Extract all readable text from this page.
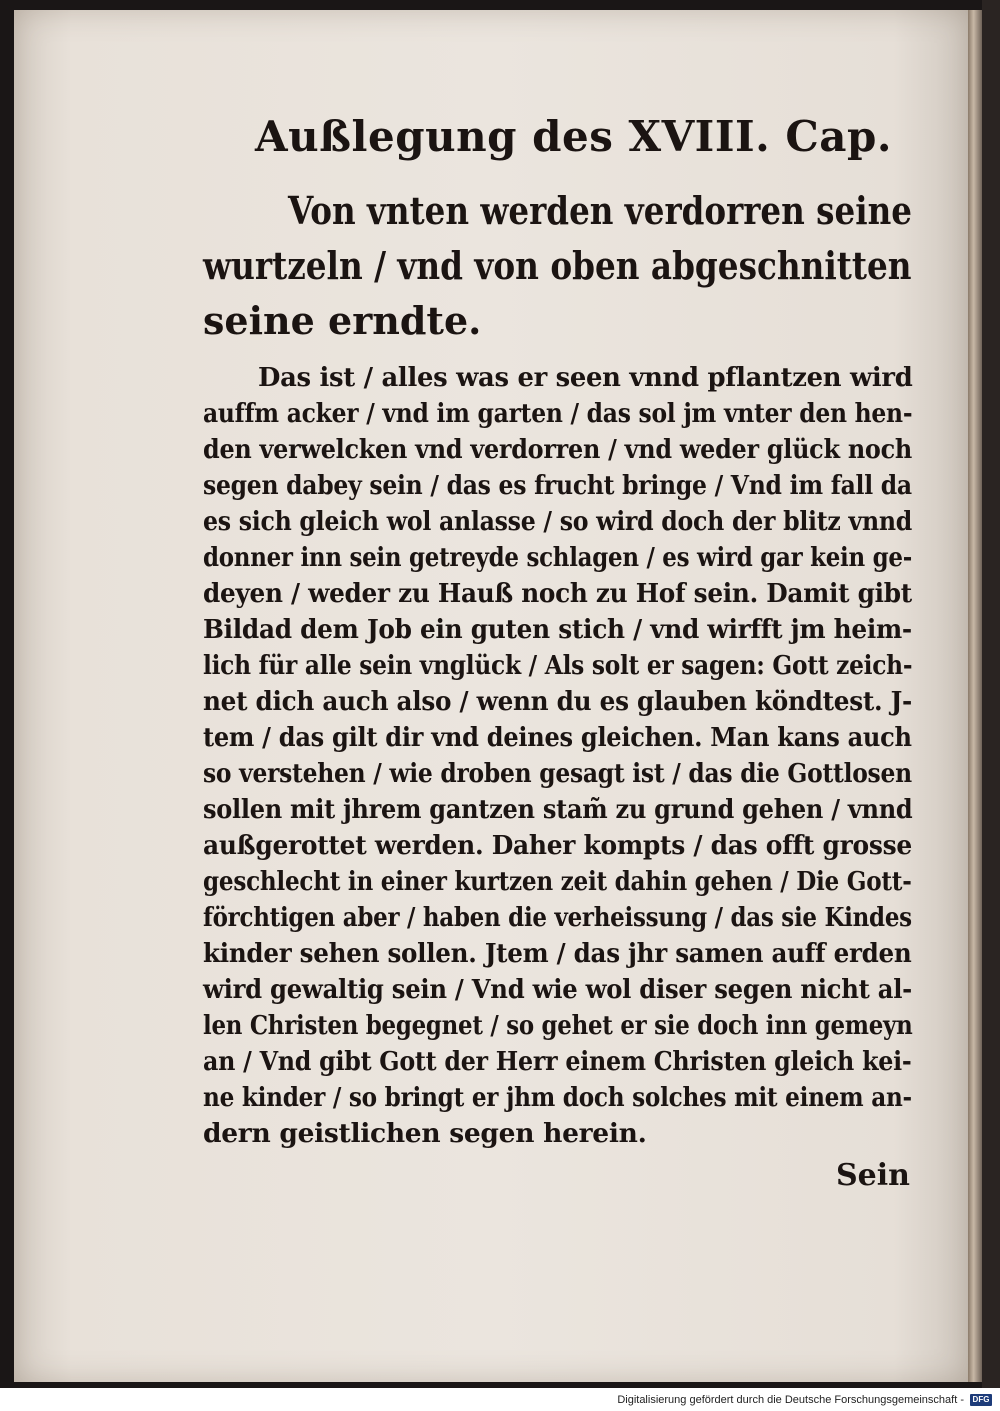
Außlegung des XVIII. Cap.
Von vnten werden verdorren seine
wurtzeln / vnd von oben abgeschnitten
seine erndte.
Das ist / alles was er seen vnnd pflantzen wird
auffm acker / vnd im garten / das sol jm vnter den hen-
den verwelcken vnd verdorren / vnd weder glück noch
segen dabey sein / das es frucht bringe / Vnd im fall da
es sich gleich wol anlasse / so wird doch der blitz vnnd
donner inn sein getreyde schlagen / es wird gar kein ge-
deyen / weder zu Hauß noch zu Hof sein. Damit gibt
Bildad dem Job ein guten stich / vnd wirfft jm heim-
lich für alle sein vnglück / Als solt er sagen: Gott zeich-
net dich auch also / wenn du es glauben köndtest. J-
tem / das gilt dir vnd deines gleichen. Man kans auch
so verstehen / wie droben gesagt ist / das die Gottlosen
sollen mit jhrem gantzen stam̃ zu grund gehen / vnnd
außgerottet werden. Daher kompts / das offt grosse
geschlecht in einer kurtzen zeit dahin gehen / Die Gott-
förchtigen aber / haben die verheissung / das sie Kindes
kinder sehen sollen. Jtem / das jhr samen auff erden
wird gewaltig sein / Vnd wie wol diser segen nicht al-
len Christen begegnet / so gehet er sie doch inn gemeyn
an / Vnd gibt Gott der Herr einem Christen gleich kei-
ne kinder / so bringt er jhm doch solches mit einem an-
dern geistlichen segen herein.
Sein
Digitalisierung gefördert durch die Deutsche Forschungsgemeinschaft -	DFG
